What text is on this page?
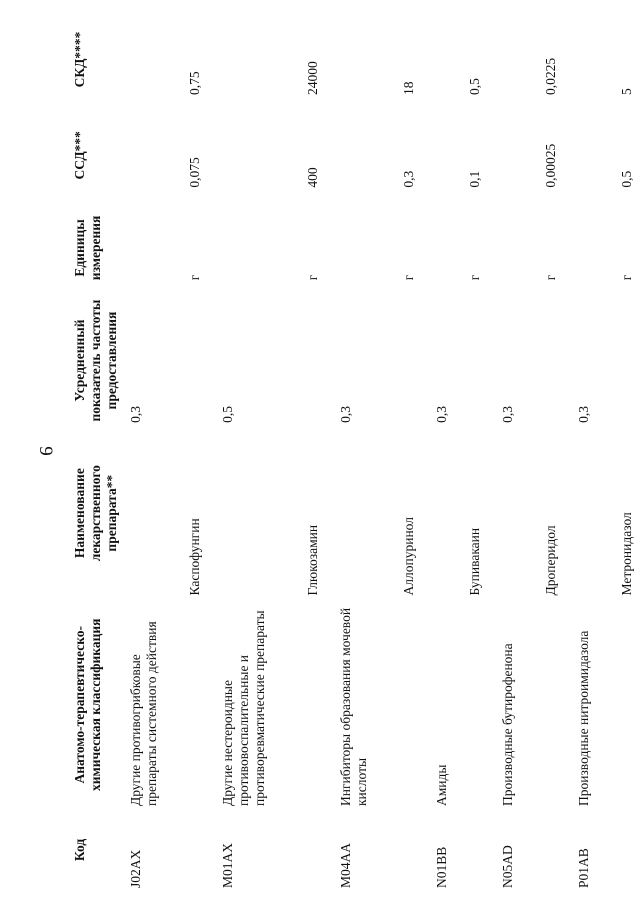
9
Код	Анатомо-терапевтическо-химическая классификация	Наименование лекарственного препарата**	Усредненный показатель частоты предоставления	Единицы измерения	ССД***	СКД****
J02AX	Другие противогрибковые препараты системного действия		0,3			
		Каспофунгин		г	0,075	0,75
M01AX	Другие нестероидные противовоспалительные и противоревматические препараты		0,5			
		Глюкозамин		г	400	24000
M04AA	Ингибиторы образования мочевой кислоты		0,3			
		Аллопуринол		г	0,3	18
N01BB	Амиды		0,3			
		Бупивакаин		г	0,1	0,5
N05AD	Производные бутирофенона		0,3			
		Дроперидол		г	0,00025	0,0225
P01AB	Производные нитроимидазола		0,3			
		Метронидазол		г	0,5	5
